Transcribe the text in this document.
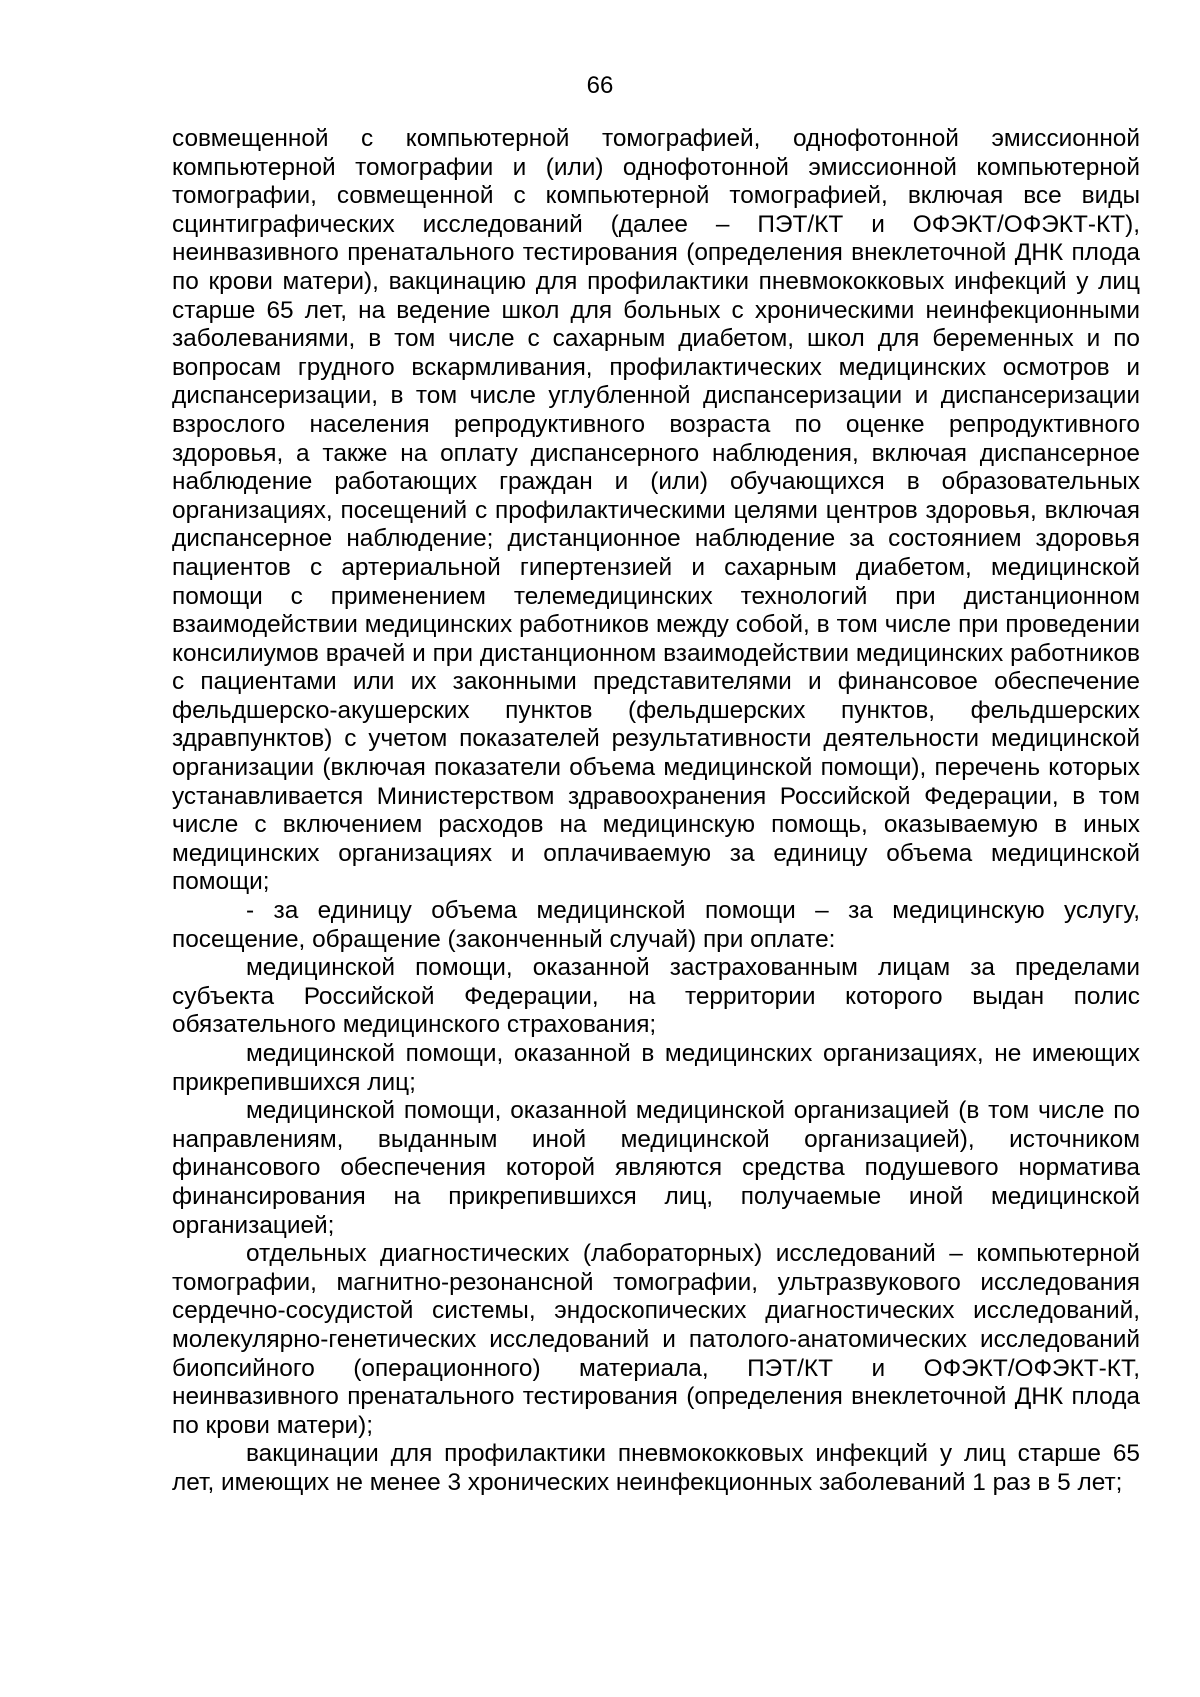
66

совмещенной с компьютерной томографией, однофотонной эмиссионной компьютерной томографии и (или) однофотонной эмиссионной компьютерной томографии, совмещенной с компьютерной томографией, включая все виды сцинтиграфических исследований (далее – ПЭТ/КТ и ОФЭКТ/ОФЭКТ-КТ), неинвазивного пренатального тестирования (определения внеклеточной ДНК плода по крови матери), вакцинацию для профилактики пневмококковых инфекций у лиц старше 65 лет, на ведение школ для больных с хроническими неинфекционными заболеваниями, в том числе с сахарным диабетом, школ для беременных и по вопросам грудного вскармливания, профилактических медицинских осмотров и диспансеризации, в том числе углубленной диспансеризации и диспансеризации взрослого населения репродуктивного возраста по оценке репродуктивного здоровья, а также на оплату диспансерного наблюдения, включая диспансерное наблюдение работающих граждан и (или) обучающихся в образовательных организациях, посещений с профилактическими целями центров здоровья, включая диспансерное наблюдение; дистанционное наблюдение за состоянием здоровья пациентов с артериальной гипертензией и сахарным диабетом, медицинской помощи с применением телемедицинских технологий при дистанционном взаимодействии медицинских работников между собой, в том числе при проведении консилиумов врачей и при дистанционном взаимодействии медицинских работников с пациентами или их законными представителями и финансовое обеспечение фельдшерско-акушерских пунктов (фельдшерских пунктов, фельдшерских здравпунктов) с учетом показателей результативности деятельности медицинской организации (включая показатели объема медицинской помощи), перечень которых устанавливается Министерством здравоохранения Российской Федерации, в том числе с включением расходов на медицинскую помощь, оказываемую в иных медицинских организациях и оплачиваемую за единицу объема медицинской помощи;

- за единицу объема медицинской помощи – за медицинскую услугу, посещение, обращение (законченный случай) при оплате:

медицинской помощи, оказанной застрахованным лицам за пределами субъекта Российской Федерации, на территории которого выдан полис обязательного медицинского страхования;

медицинской помощи, оказанной в медицинских организациях, не имеющих прикрепившихся лиц;

медицинской помощи, оказанной медицинской организацией (в том числе по направлениям, выданным иной медицинской организацией), источником финансового обеспечения которой являются средства подушевого норматива финансирования на прикрепившихся лиц, получаемые иной медицинской организацией;

отдельных диагностических (лабораторных) исследований – компьютерной томографии, магнитно-резонансной томографии, ультразвукового исследования сердечно-сосудистой системы, эндоскопических диагностических исследований, молекулярно-генетических исследований и патолого-анатомических исследований биопсийного (операционного) материала, ПЭТ/КТ и ОФЭКТ/ОФЭКТ-КТ, неинвазивного пренатального тестирования (определения внеклеточной ДНК плода по крови матери);

вакцинации для профилактики пневмококковых инфекций у лиц старше 65 лет, имеющих не менее 3 хронических неинфекционных заболеваний 1 раз в 5 лет;
